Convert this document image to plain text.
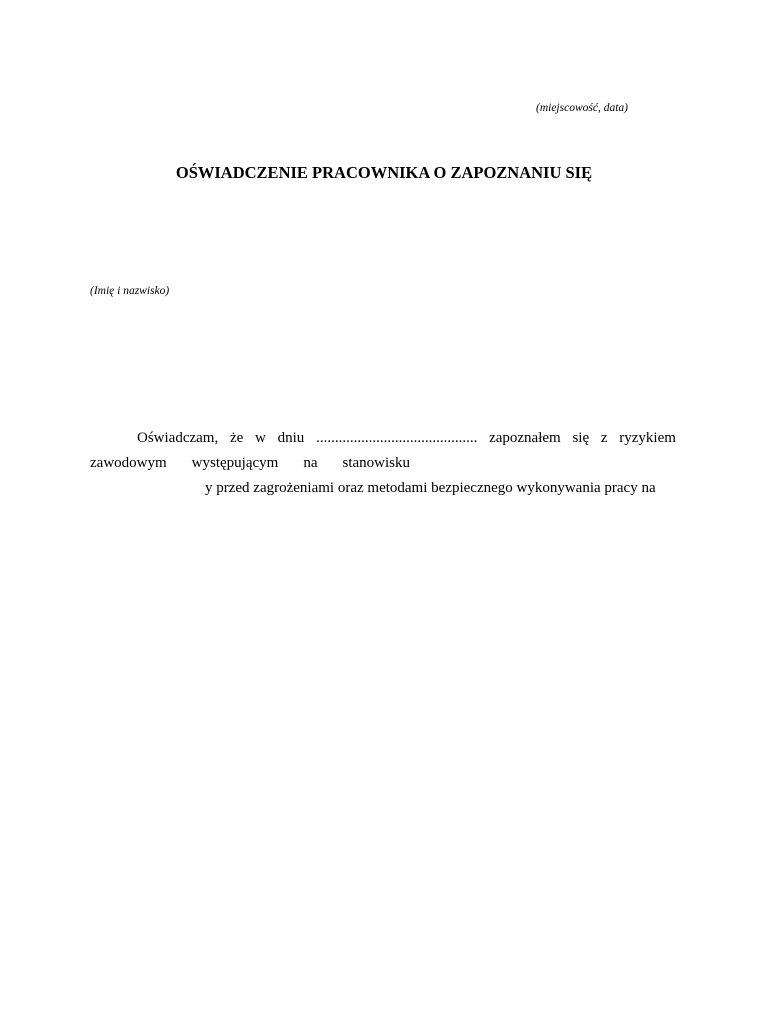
(miejscowość, data)
OŚWIADCZENIE PRACOWNIKA O ZAPOZNANIU SIĘ
(Imię i nazwisko)
Oświadczam, że w dniu ........................................... zapoznałem się z ryzykiem
zawodowym występującym na stanowisku
y przed zagrożeniami oraz metodami bezpiecznego wykonywania pracy na
